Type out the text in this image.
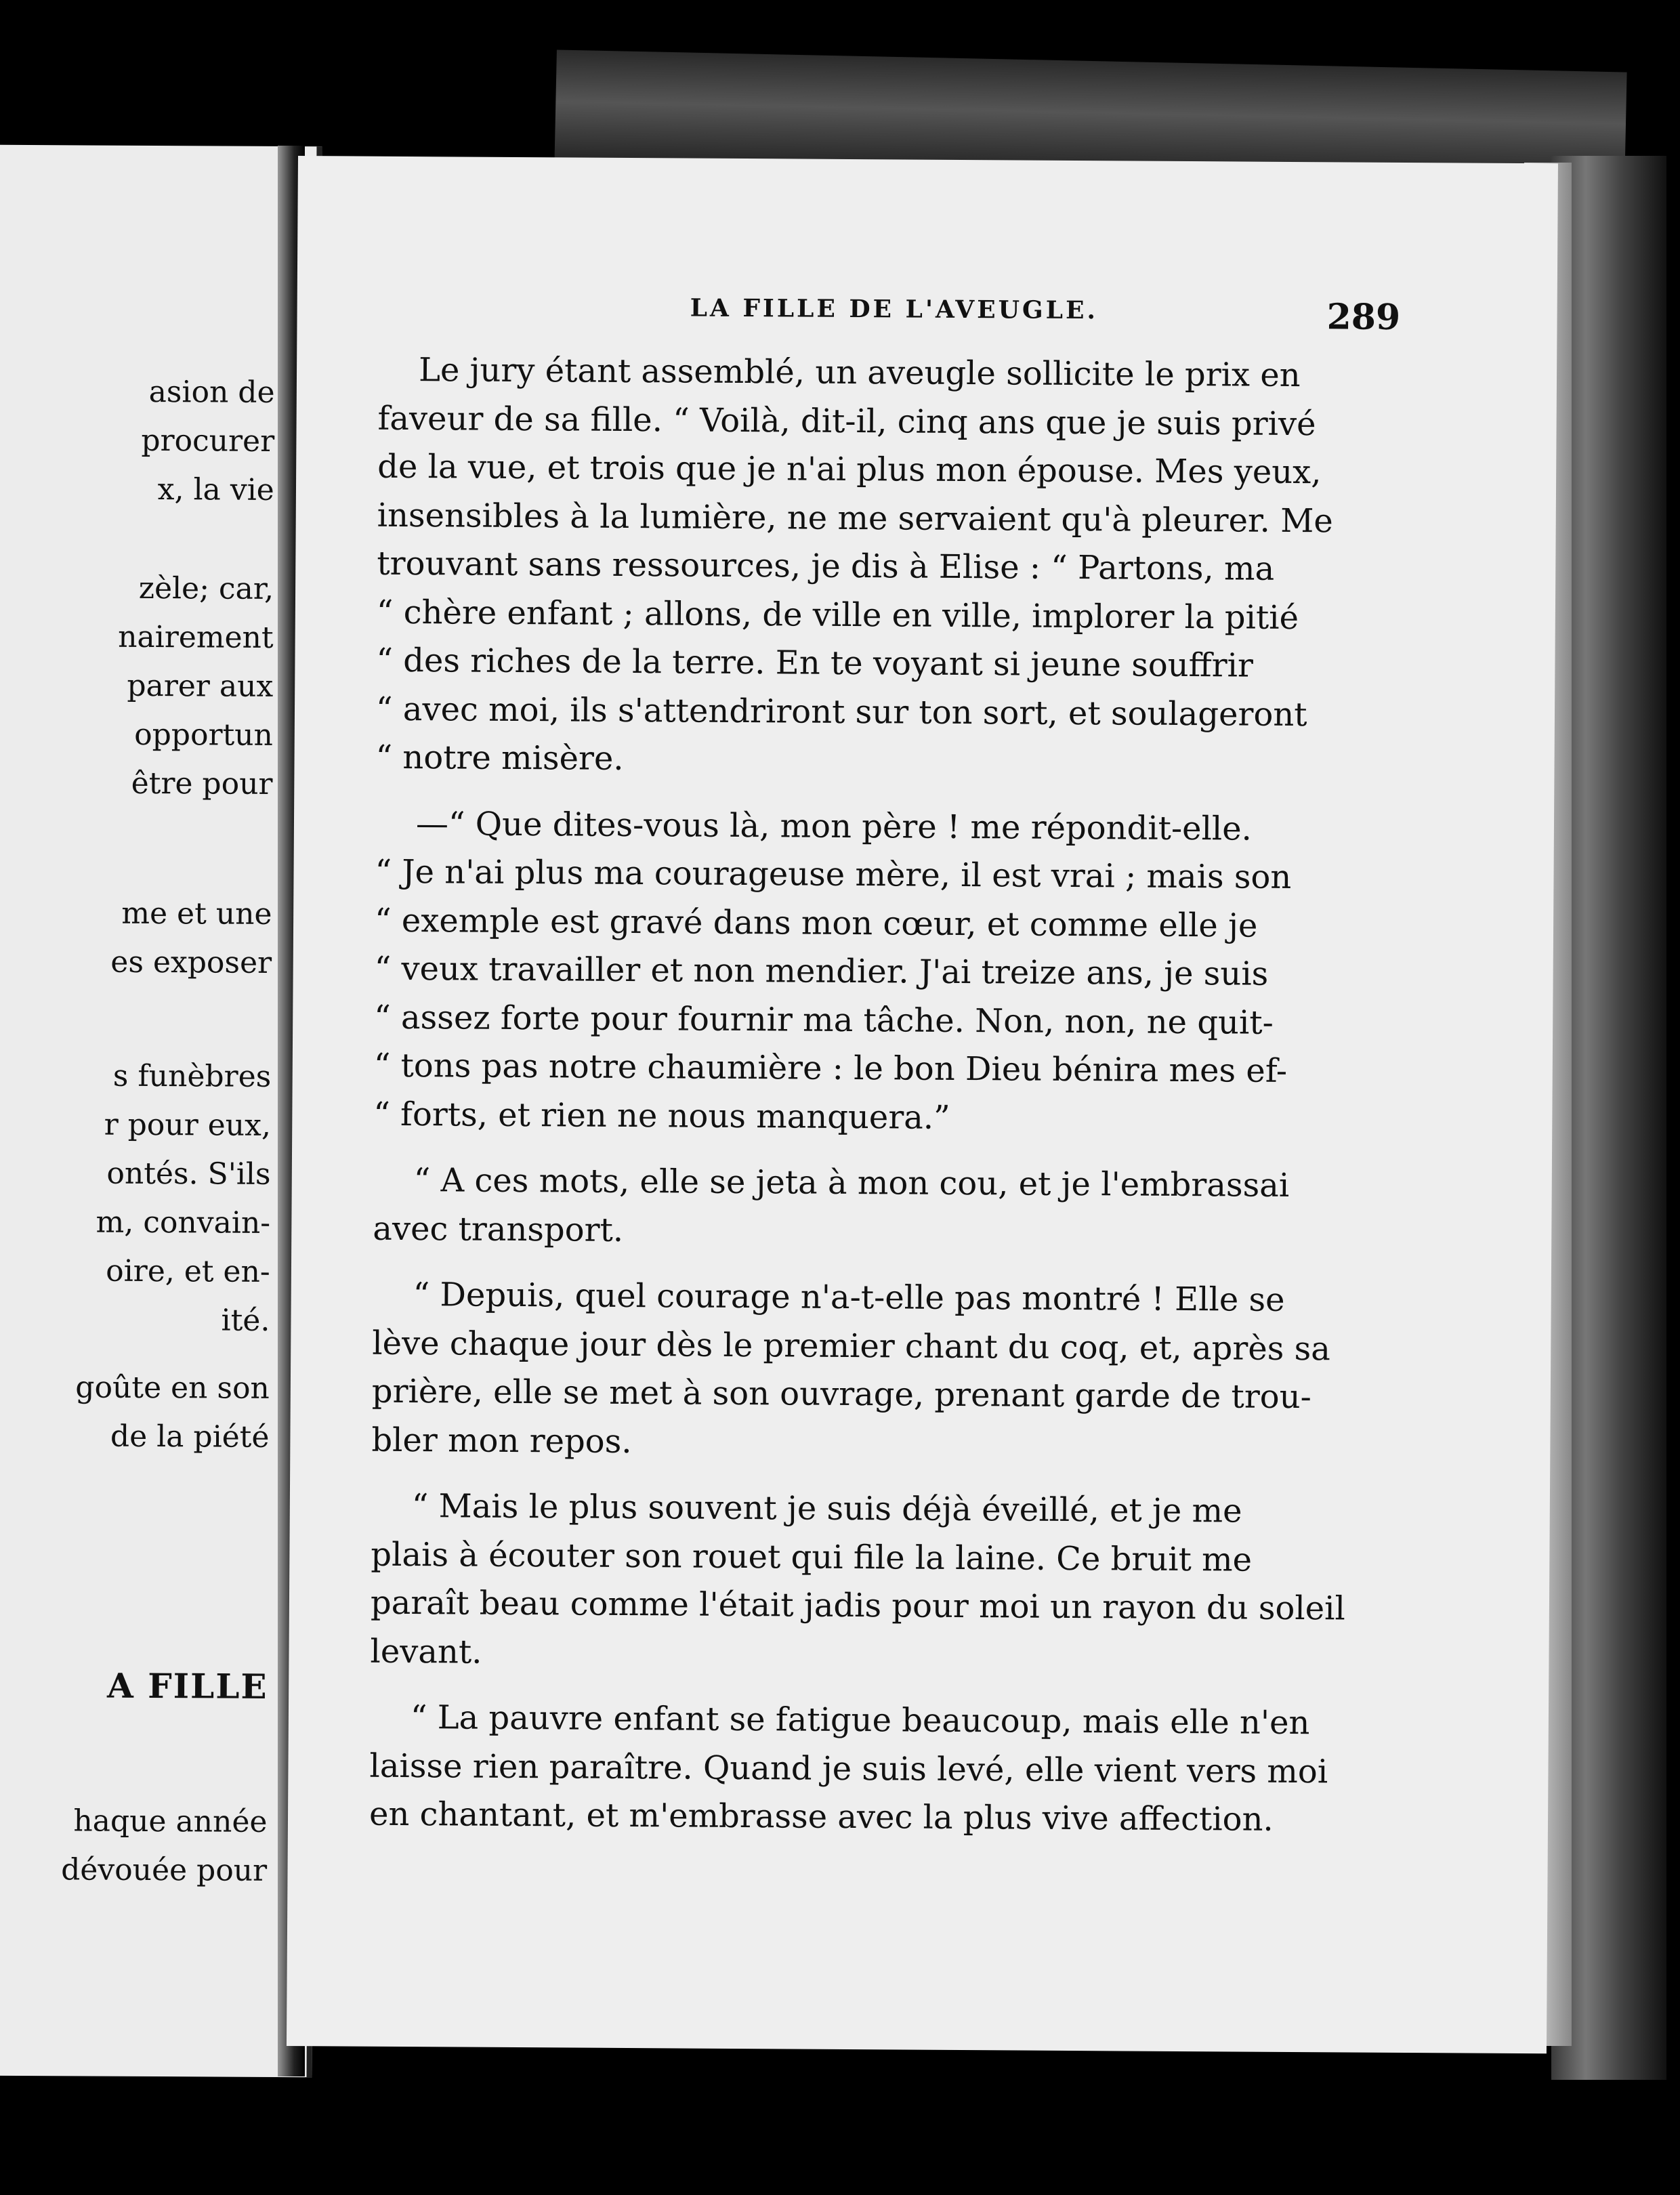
asion de
procurer
x, la vie
zèle; car,
nairement
parer aux
opportun
être pour
me et une
es exposer
s funèbres
r pour eux,
ontés. S'ils
m, convain-
oire, et en-
ité.
goûte en son
de la piété
A FILLE
haque année
dévouée pour
LA FILLE DE L'AVEUGLE.	289
Le jury étant assemblé, un aveugle sollicite le prix en
faveur de sa fille. “ Voilà, dit-il, cinq ans que je suis privé
de la vue, et trois que je n'ai plus mon épouse. Mes yeux,
insensibles à la lumière, ne me servaient qu'à pleurer. Me
trouvant sans ressources, je dis à Elise : “ Partons, ma
“ chère enfant ; allons, de ville en ville, implorer la pitié
“ des riches de la terre. En te voyant si jeune souffrir
“ avec moi, ils s'attendriront sur ton sort, et soulageront
“ notre misère.
—“ Que dites-vous là, mon père ! me répondit-elle.
“ Je n'ai plus ma courageuse mère, il est vrai ; mais son
“ exemple est gravé dans mon cœur, et comme elle je
“ veux travailler et non mendier. J'ai treize ans, je suis
“ assez forte pour fournir ma tâche. Non, non, ne quit-
“ tons pas notre chaumière : le bon Dieu bénira mes ef-
“ forts, et rien ne nous manquera.”
“ A ces mots, elle se jeta à mon cou, et je l'embrassai
avec transport.
“ Depuis, quel courage n'a-t-elle pas montré ! Elle se
lève chaque jour dès le premier chant du coq, et, après sa
prière, elle se met à son ouvrage, prenant garde de trou-
bler mon repos.
“ Mais le plus souvent je suis déjà éveillé, et je me
plais à écouter son rouet qui file la laine. Ce bruit me
paraît beau comme l'était jadis pour moi un rayon du soleil
levant.
“ La pauvre enfant se fatigue beaucoup, mais elle n'en
laisse rien paraître. Quand je suis levé, elle vient vers moi
en chantant, et m'embrasse avec la plus vive affection.
